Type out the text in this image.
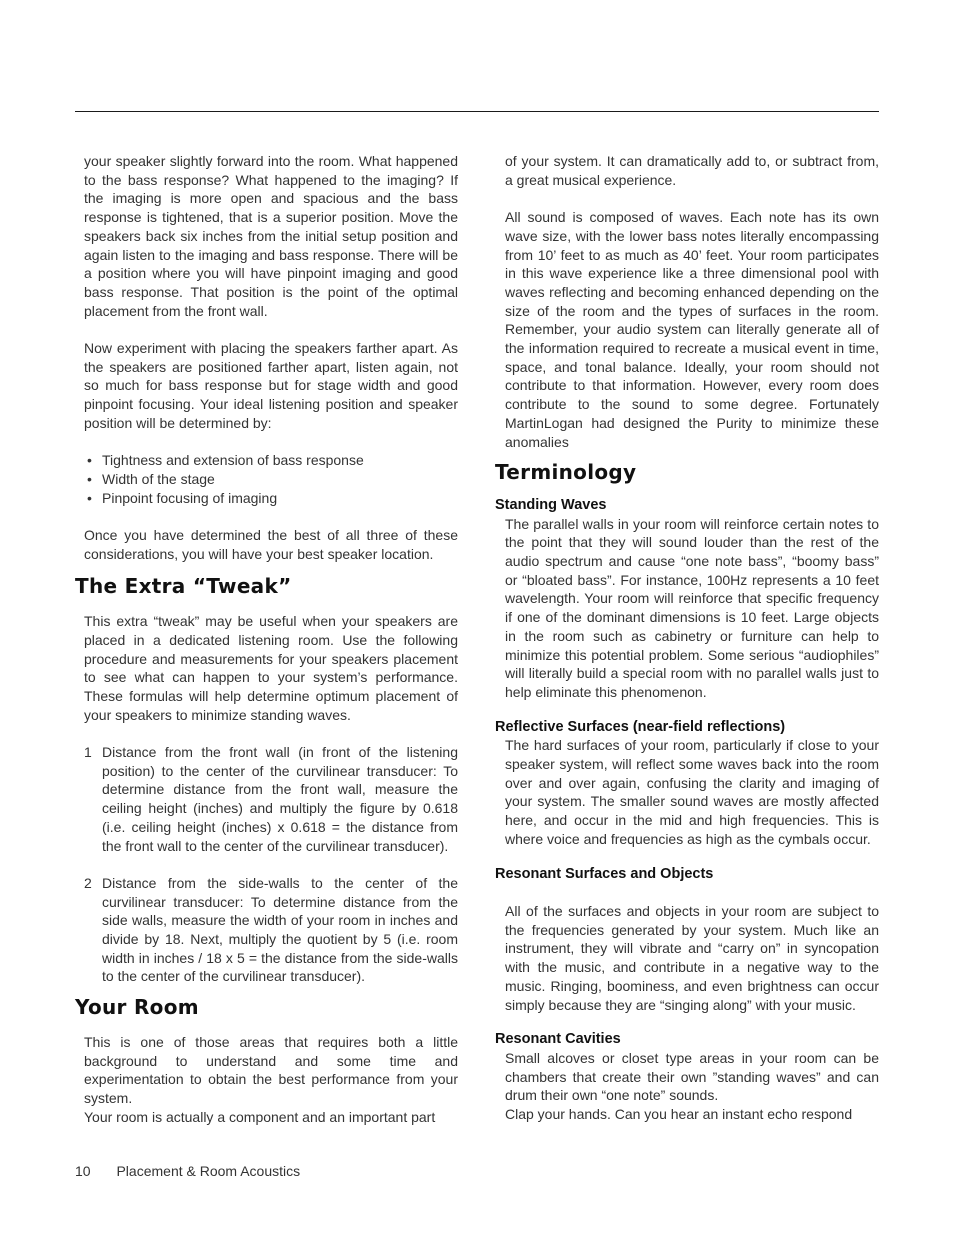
your speaker slightly forward into the room. What happened to the bass response? What happened to the imaging? If the imaging is more open and spacious and the bass response is tightened, that is a superior position. Move the speakers back six inches from the initial setup position and again listen to the imaging and bass response. There will be a position where you will have pinpoint imaging and good bass response. That position is the point of the optimal placement from the front wall.

Now experiment with placing the speakers farther apart. As the speakers are positioned farther apart, listen again, not so much for bass response but for stage width and good pinpoint focusing. Your ideal listening position and speaker position will be determined by:

• Tightness and extension of bass response
• Width of the stage
• Pinpoint focusing of imaging

Once you have determined the best of all three of these considerations, you will have your best speaker location.

The Extra “Tweak”

This extra “tweak” may be useful when your speakers are placed in a dedicated listening room. Use the following procedure and measurements for your speakers placement to see what can happen to your system’s performance. These formulas will help determine optimum placement of your speakers to minimize standing waves.

1 Distance from the front wall (in front of the listening position) to the center of the curvilinear transducer: To determine distance from the front wall, measure the ceiling height (inches) and multiply the figure by 0.618 (i.e. ceiling height (inches) x 0.618 = the distance from the front wall to the center of the curvilinear transducer).
2 Distance from the side-walls to the center of the curvilinear transducer: To determine distance from the side walls, measure the width of your room in inches and divide by 18. Next, multiply the quotient by 5 (i.e. room width in inches / 18 x 5 = the distance from the side-walls to the center of the curvilinear transducer).
Your Room

This is one of those areas that requires both a little background to understand and some time and experimentation to obtain the best performance from your system.

Your room is actually a component and an important part

of your system. It can dramatically add to, or subtract from, a great musical experience.

All sound is composed of waves. Each note has its own wave size, with the lower bass notes literally encompassing from 10’ feet to as much as 40’ feet. Your room participates in this wave experience like a three dimensional pool with waves reflecting and becoming enhanced depending on the size of the room and the types of surfaces in the room. Remember, your audio system can literally generate all of the information required to recreate a musical event in time, space, and tonal balance. Ideally, your room should not contribute to that information. However, every room does contribute to the sound to some degree. Fortunately MartinLogan had designed the Purity to minimize these anomalies

Terminology
Standing Waves

The parallel walls in your room will reinforce certain notes to the point that they will sound louder than the rest of the audio spectrum and cause “one note bass”, “boomy bass” or “bloated bass”. For instance, 100Hz represents a 10 feet wavelength. Your room will reinforce that specific frequency if one of the dominant dimensions is 10 feet. Large objects in the room such as cabinetry or furniture can help to minimize this potential problem. Some serious “audiophiles” will literally build a special room with no parallel walls just to help eliminate this phenomenon.

Reflective Surfaces (near-field reflections)

The hard surfaces of your room, particularly if close to your speaker system, will reflect some waves back into the room over and over again, confusing the clarity and imaging of your system. The smaller sound waves are mostly affected here, and occur in the mid and high frequencies. This is where voice and frequencies as high as the cymbals occur.

Resonant Surfaces and Objects

All of the surfaces and objects in your room are subject to the frequencies generated by your system. Much like an instrument, they will vibrate and “carry on” in syncopation with the music, and contribute in a negative way to the music. Ringing, boominess, and even brightness can occur simply because they are “singing along” with your music.

Resonant Cavities

Small alcoves or closet type areas in your room can be chambers that create their own ”standing waves” and can drum their own “one note” sounds.

Clap your hands. Can you hear an instant echo respond

10 Placement & Room Acoustics
